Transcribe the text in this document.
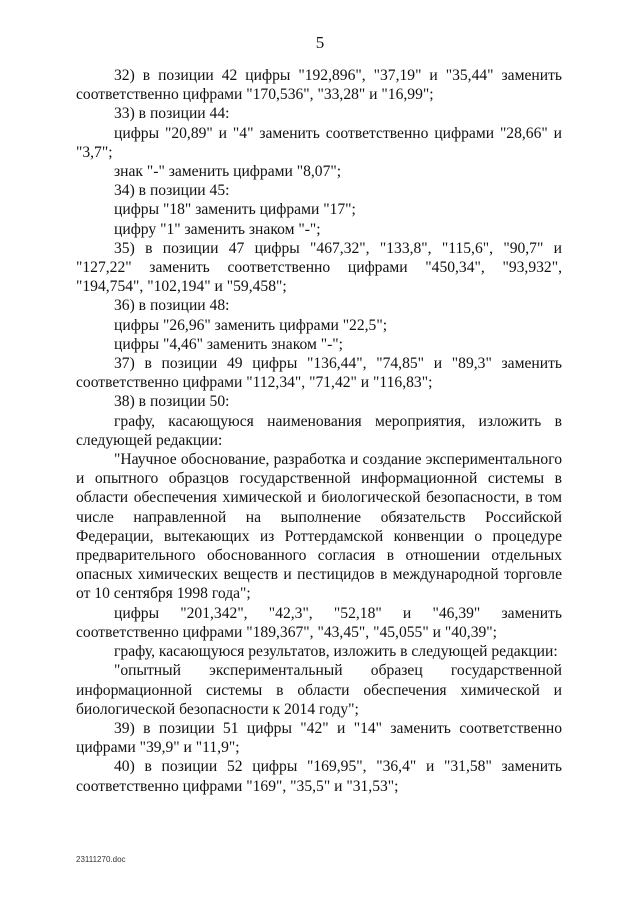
5

32) в позиции 42 цифры "192,896", "37,19" и "35,44" заменить соответственно цифрами "170,536", "33,28" и "16,99";

33) в позиции 44:

цифры "20,89" и "4" заменить соответственно цифрами "28,66" и "3,7";

знак "-" заменить цифрами "8,07";

34) в позиции 45:

цифры "18" заменить цифрами "17";

цифру "1" заменить знаком "-";

35) в позиции 47 цифры "467,32", "133,8", "115,6", "90,7" и "127,22" заменить соответственно цифрами "450,34", "93,932", "194,754", "102,194" и "59,458";

36) в позиции 48:

цифры "26,96" заменить цифрами "22,5";

цифры "4,46" заменить знаком "-";

37) в позиции 49 цифры "136,44", "74,85" и "89,3" заменить соответственно цифрами "112,34", "71,42" и "116,83";

38) в позиции 50:

графу, касающуюся наименования мероприятия, изложить в следующей редакции:

"Научное обоснование, разработка и создание экспериментального и опытного образцов государственной информационной системы в области обеспечения химической и биологической безопасности, в том числе направленной на выполнение обязательств Российской Федерации, вытекающих из Роттердамской конвенции о процедуре предварительного обоснованного согласия в отношении отдельных опасных химических веществ и пестицидов в международной торговле от 10 сентября 1998 года";

цифры "201,342", "42,3", "52,18" и "46,39" заменить соответственно цифрами "189,367", "43,45", "45,055" и "40,39";

графу, касающуюся результатов, изложить в следующей редакции:

"опытный экспериментальный образец государственной информационной системы в области обеспечения химической и биологической безопасности к 2014 году";

39) в позиции 51 цифры "42" и "14" заменить соответственно цифрами "39,9" и "11,9";

40) в позиции 52 цифры "169,95", "36,4" и "31,58" заменить соответственно цифрами "169", "35,5" и "31,53";

23111270.doc
